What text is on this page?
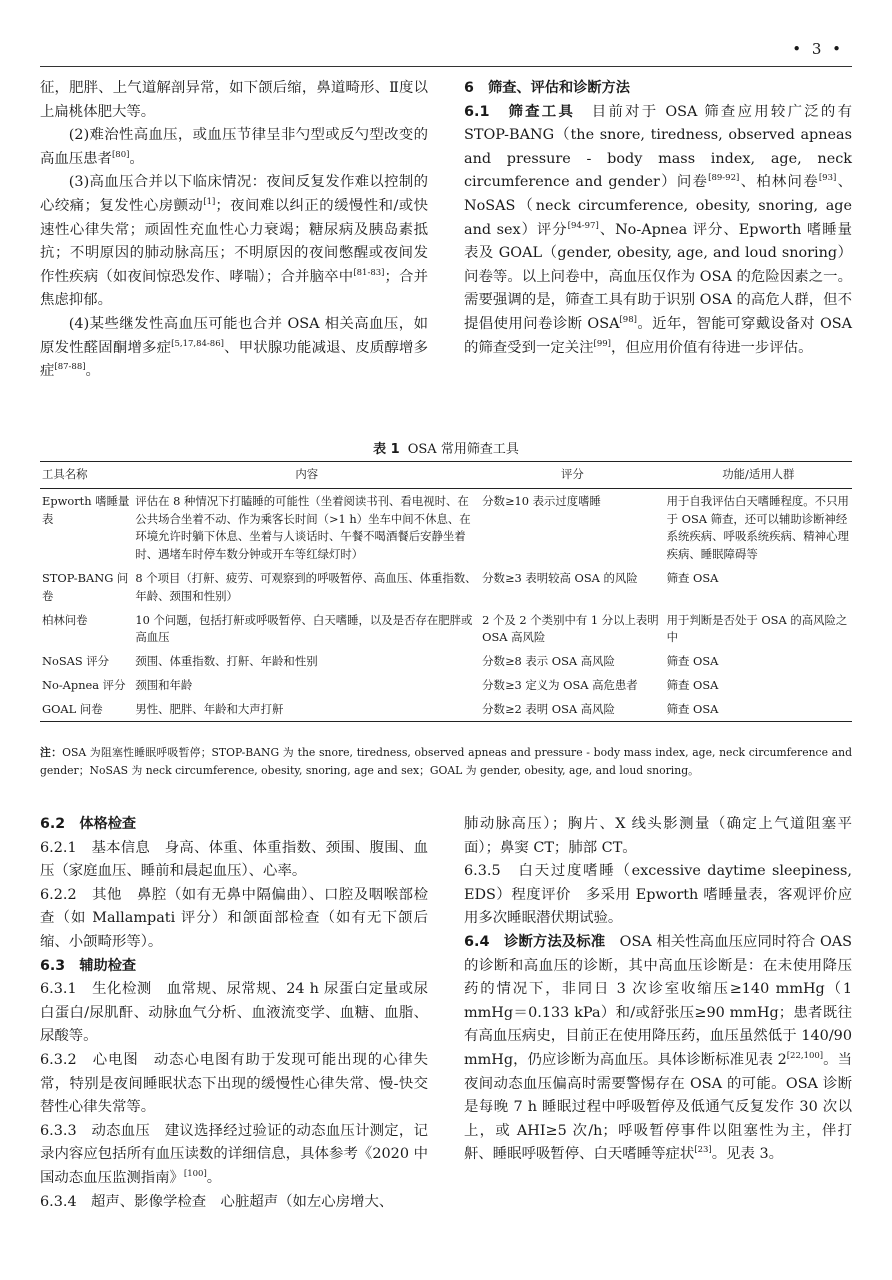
• 3 •

征，肥胖、上气道解剖异常，如下颌后缩，鼻道畸形、Ⅱ度以上扁桃体肥大等。

(2)难治性高血压，或血压节律呈非勺型或反勺型改变的高血压患者[80]。

(3)高血压合并以下临床情况：夜间反复发作难以控制的心绞痛；复发性心房颤动[1]；夜间难以纠正的缓慢性和/或快速性心律失常；顽固性充血性心力衰竭；糖尿病及胰岛素抵抗；不明原因的肺动脉高压；不明原因的夜间憋醒或夜间发作性疾病（如夜间惊恐发作、哮喘）；合并脑卒中[81-83]；合并焦虑抑郁。

(4)某些继发性高血压可能也合并 OSA 相关高血压，如原发性醛固酮增多症[5,17,84-86]、甲状腺功能减退、皮质醇增多症[87-88]。

6　筛查、评估和诊断方法

6.1　筛查工具　 目前对于 OSA 筛查应用较广泛的有 STOP-BANG（the snore, tiredness, observed apneas and pressure - body mass index, age, neck circumference and gender）问卷[89-92]、柏林问卷[93]、NoSAS（neck circumference, obesity, snoring, age and sex）评分[94-97]、No-Apnea 评分、Epworth 嗜睡量表及 GOAL（gender, obesity, age, and loud snoring）问卷等。以上问卷中，高血压仅作为 OSA 的危险因素之一。需要强调的是，筛查工具有助于识别 OSA 的高危人群，但不提倡使用问卷诊断 OSA[98]。近年，智能可穿戴设备对 OSA 的筛查受到一定关注[99]，但应用价值有待进一步评估。

表 1 OSA 常用筛查工具
工具名称	内容	评分	功能/适用人群
Epworth 嗜睡量表	评估在 8 种情况下打瞌睡的可能性（坐着阅读书刊、看电视时、在公共场合坐着不动、作为乘客长时间（>1 h）坐车中间不休息、在环境允许时躺下休息、坐着与人谈话时、午餐不喝酒餐后安静坐着时、遇堵车时停车数分钟或开车等红绿灯时）	分数≥10 表示过度嗜睡	用于自我评估白天嗜睡程度。不只用于 OSA 筛查，还可以辅助诊断神经系统疾病、呼吸系统疾病、精神心理疾病、睡眠障碍等
STOP-BANG 问卷	8 个项目（打鼾、疲劳、可观察到的呼吸暂停、高血压、体重指数、年龄、颈围和性别）	分数≥3 表明较高 OSA 的风险	筛查 OSA
柏林问卷	10 个问题，包括打鼾或呼吸暂停、白天嗜睡，以及是否存在肥胖或高血压	2 个及 2 个类别中有 1 分以上表明 OSA 高风险	用于判断是否处于 OSA 的高风险之中
NoSAS 评分	颈围、体重指数、打鼾、年龄和性别	分数≥8 表示 OSA 高风险	筛查 OSA
No-Apnea 评分	颈围和年龄	分数≥3 定义为 OSA 高危患者	筛查 OSA
GOAL 问卷	男性、肥胖、年龄和大声打鼾	分数≥2 表明 OSA 高风险	筛查 OSA
注：OSA 为阻塞性睡眠呼吸暂停；STOP-BANG 为 the snore, tiredness, observed apneas and pressure - body mass index, age, neck circumference and gender；NoSAS 为 neck circumference, obesity, snoring, age and sex；GOAL 为 gender, obesity, age, and loud snoring。

6.2　体格检查

6.2.1　基本信息　 身高、体重、体重指数、颈围、腹围、血压（家庭血压、睡前和晨起血压）、心率。

6.2.2　其他　 鼻腔（如有无鼻中隔偏曲）、口腔及咽喉部检查（如 Mallampati 评分）和颌面部检查（如有无下颌后缩、小颌畸形等）。

6.3　辅助检查

6.3.1　生化检测　 血常规、尿常规、24 h 尿蛋白定量或尿白蛋白/尿肌酐、动脉血气分析、血液流变学、血糖、血脂、尿酸等。

6.3.2　心电图　 动态心电图有助于发现可能出现的心律失常，特别是夜间睡眠状态下出现的缓慢性心律失常、慢-快交替性心律失常等。

6.3.3　动态血压　 建议选择经过验证的动态血压计测定，记录内容应包括所有血压读数的详细信息，具体参考《2020 中国动态血压监测指南》[100]。

6.3.4　超声、影像学检查　 心脏超声（如左心房增大、

肺动脉高压）；胸片、X 线头影测量（确定上气道阻塞平面）；鼻窦 CT；肺部 CT。

6.3.5　白天过度嗜睡（excessive daytime sleepiness, EDS）程度评价　多采用 Epworth 嗜睡量表，客观评价应用多次睡眠潜伏期试验。

6.4　诊断方法及标准　 OSA 相关性高血压应同时符合 OAS 的诊断和高血压的诊断，其中高血压诊断是：在未使用降压药的情况下，非同日 3 次诊室收缩压≥140 mmHg（1 mmHg＝0.133 kPa）和/或舒张压≥90 mmHg；患者既往有高血压病史，目前正在使用降压药，血压虽然低于 140/90 mmHg，仍应诊断为高血压。具体诊断标准见表 2[22,100]。当夜间动态血压偏高时需要警惕存在 OSA 的可能。OSA 诊断是每晚 7 h 睡眠过程中呼吸暂停及低通气反复发作 30 次以上，或 AHI≥5 次/h；呼吸暂停事件以阻塞性为主，伴打鼾、睡眠呼吸暂停、白天嗜睡等症状[23]。见表 3。
